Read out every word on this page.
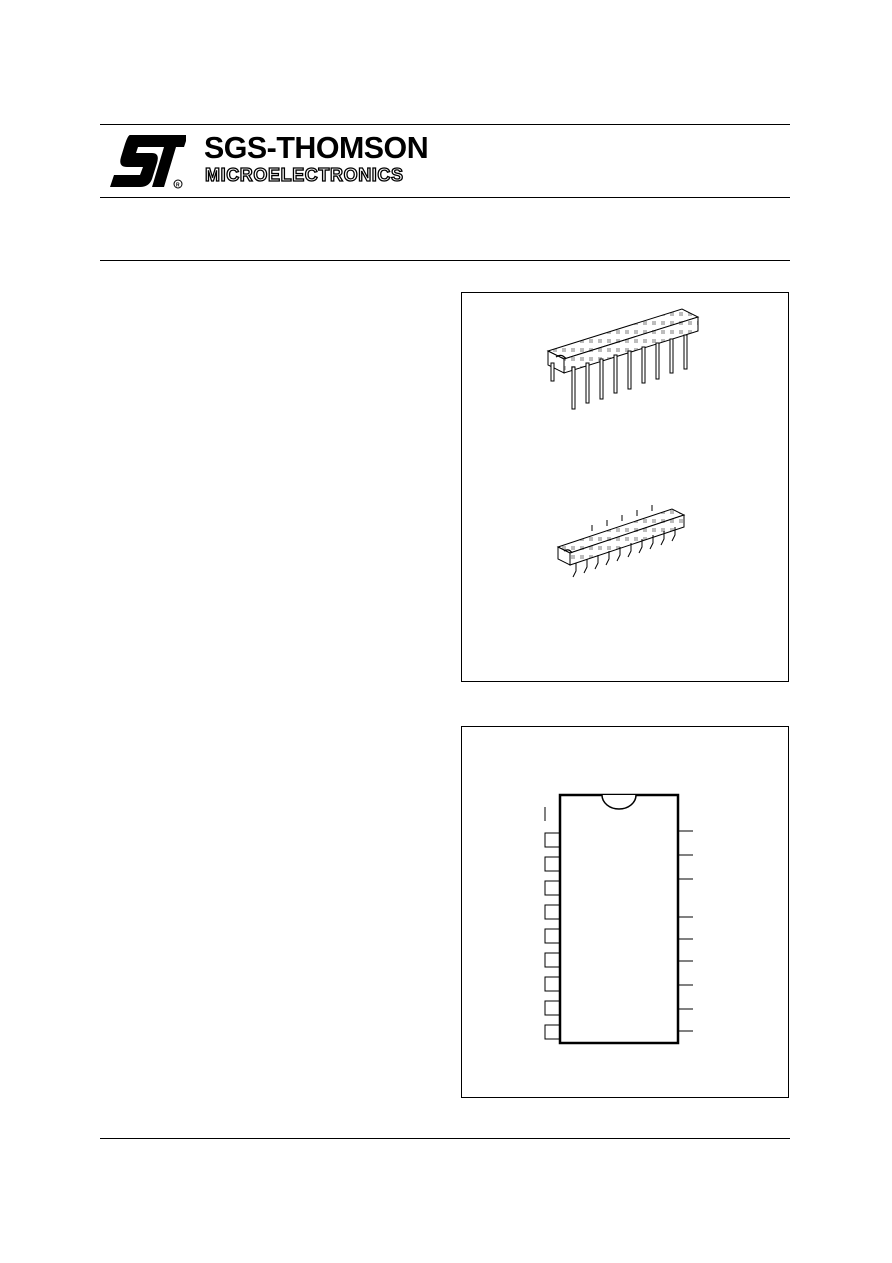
R
SGS-THOMSON
MICROELECTRONICS
